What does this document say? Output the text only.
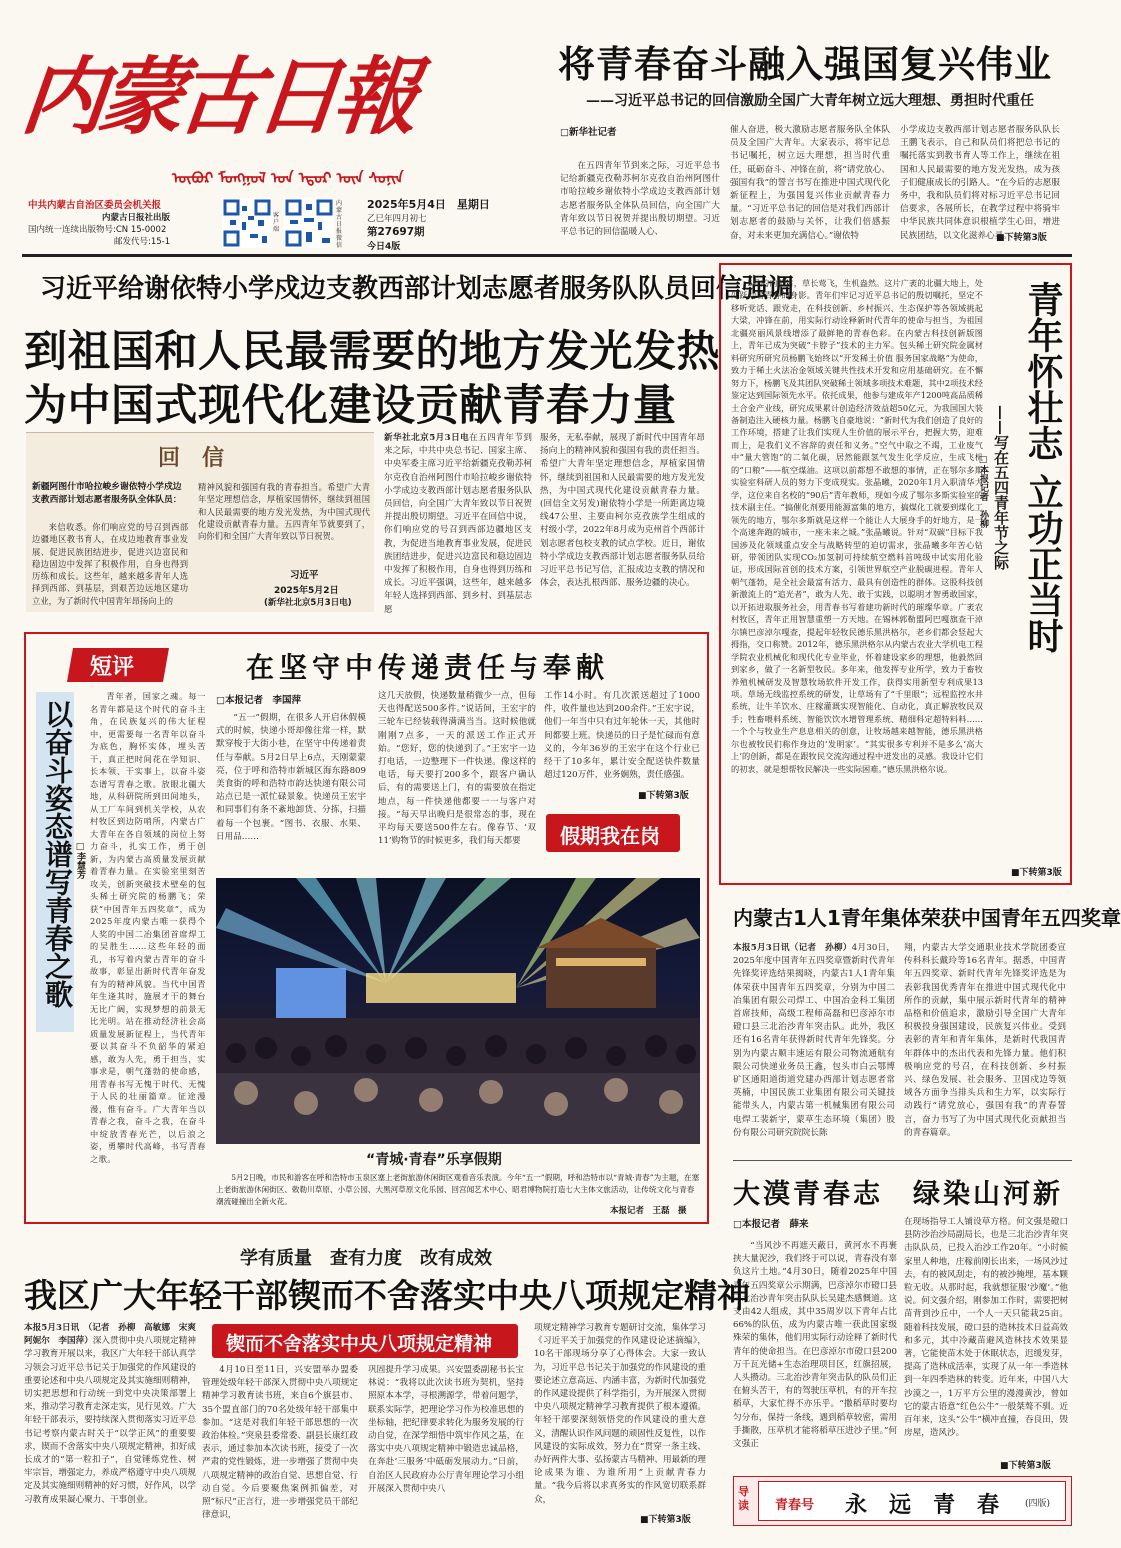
内蒙古日報
ᠦᠪᠦᠷ ᠮᠣᠩᠭᠣᠯ ᠤᠨ ᠡᠳᠦᠷ ᠦᠨ ᠰᠣᠨᠢᠨ
中共内蒙古自治区委员会机关报
内蒙古日报社出版
国内统一连续出版物号:CN 15-0002
邮发代号:15-1
客户端
内蒙古日报微信
2025年5月4日　星期日
乙巳年四月初七
第27697期
今日4版
将青春奋斗融入强国复兴伟业
——习近平总书记的回信激励全国广大青年树立远大理想、勇担时代重任
□新华社记者
在五四青年节到来之际，习近平总书记给新疆克孜勒苏柯尔克孜自治州阿图什市哈拉峻乡谢依特小学成边支教西部计划志愿者服务队全体队员回信，向全国广大青年致以节日祝贺并提出殷切期望。习近平总书记的回信温暖人心、
催人奋进，极大激励志愿者服务队全体队员及全国广大青年。大家表示，将牢记总书记嘱托，树立远大理想，担当时代重任，砥砺奋斗、冲锋在前，将“请党放心、强国有我”的誓言书写在推进中国式现代化新征程上，为强国复兴伟业贡献青春力量。“习近平总书记的回信是对我们西部计划志愿者的鼓励与关怀，让我们倍感振奋，对未来更加充满信心。”谢依特
小学成边支教西部计划志愿者服务队队长王鹏飞表示，自己和队员们将把总书记的嘱托落实到教书育人等工作上，继续在祖国和人民最需要的地方发光发热，成为孩子们健康成长的引路人。“在今后的志愿服务中，我和队员们将对标习近平总书记回信要求，各展所长，在教学过程中将骑牢中华民族共同体意识根植学生心田，增进民族团结，以文化滋养心灵。
■下转第3版
习近平给谢依特小学戍边支教西部计划志愿者服务队队员回信强调
到祖国和人民最需要的地方发光发热
为中国式现代化建设贡献青春力量
回　信
新疆阿图什市哈拉峻乡谢依特小学戍边支教西部计划志愿者服务队全体队员：
来信收悉。你们响应党的号召到西部边疆地区教书育人，在戍边地教育事业发展、促进民族团结进步，促进兴边富民和稳边固边中发挥了积极作用，自身也得到历练和成长。这些年，越来越多青年人选择到西部、到基层，到艰苦边远地区建功立业，为了新时代中国青年昂扬向上的
精神风貌和强国有我的青春担当。希望广大青年坚定理想信念，厚植家国情怀，继续到祖国和人民最需要的地方发光发热，为中国式现代化建设贡献青春力量。五四青年节就要到了，向你们和全国广大青年致以节日祝贺。
习近平
2025年5月2日
(新华社北京5月3日电)
新华社北京5月3日电在五四青年节到来之际，中共中央总书记、国家主席、中央军委主席习近平给新疆克孜勒苏柯尔克孜自治州阿图什市哈拉峻乡谢依特小学成边支教西部计划志愿者服务队队员回信，向全国广大青年致以节日祝贺并提出殷切期望。习近平在回信中说，你们响应党的号召到西部边疆地区支教，为促进当地教育事业发展，促进民族团结进步，促进兴边富民和稳边固边中发挥了积极作用，自身也得到历练和成长。习近平强调，这些年，越来越多年轻人选择到西部、到乡村、到基层志愿
服务，无私奉献，展现了新时代中国青年昂扬向上的精神风貌和强国有我的责任担当。希望广大青年坚定理想信念，厚植家国情怀，继续到祖国和人民最需要的地方发光发热，为中国式现代化建设贡献青春力量。(回信全文另发)谢依特小学是一所距离边境线47公里、主要由柯尔克孜族学生组成的村级小学，2022年8月成为克州首个西部计划志愿者包校支教的试点学校。近日，谢依特小学成边支教西部计划志愿者服务队员给习近平总书记写信，汇报成边支教的情况和体会，表达扎根西部、服务边疆的决心。
5月的内蒙古，草长莺飞，生机盎然。这片广袤的北疆大地上，处处跃动着青春的身影。青年们牢记习近平总书记的殷切嘱托，坚定不移听党话、跟党走，在科技创新、乡村振兴、生态保护等各领域挑起大梁，冲锋在前，用实际行动诠释新时代青年的使命与担当，为祖国北疆亮丽风景线增添了最鲜艳的青春色彩。在内蒙古科技创新版图上，青年已成为突破“卡脖子”技术的主力军。包头稀土研究院金属材料研究所研究员杨鹏飞始终以“开发稀土价值 服务国家战略”为使命，致力于稀土火法冶金领域关键共性技术开发和应用基础研究。在不懈努力下，杨鹏飞及其团队突破稀土领域多项技术难题，其中2项技术经鉴定达到国际领先水平。依托成果，他参与建成年产1200吨高品质稀土合金产业线，研究成果累计创造经济效益超50亿元，为我国国大装备制造注入硬核力量。杨鹏飞自豪地说：“新时代为我们创造了良好的工作环境，搭建了让我们实现人生价值的展示平台，把握大势，迎难而上，是我们义不容辞的责任和义务。”空气中取之不竭，工业废气中“量大管饱”的二氧化碳，居然能跟氢气发生化学反应，生成飞机的“口粮”——航空煤油。这项以前都想不敢想的事情，正在鄂尔多斯实验室科研人员的努力下变成现实。张晶曦，2020年1月入职清华大学，这位来自名校的“90后”青年教师，现如今成了鄂尔多斯实验室的技术副主任。“搞催化剂要用能源富集的地方，搞煤化工就要到煤化工领先的地方，鄂尔多斯就是这样一个能让人大展身手的好地方，是一个高速奔跑的城市，一座未来之城。”张晶曦说。针对“双碳”目标下我国涉及化领域重点安全与战略转型的迫切需求，张晶曦多年苦心钻研，带领团队实现CO₂加氢制可持续航空燃料首吨级中试实用化验证，形成国际首创的技术方案，引领世界航空产业脱碳进程。青年人朝气蓬勃，是全社会最富有活力、最具有创造性的群体。这股科技创新激流上的“追光者”，敢为人先、敢于实践，以聪明才智勇敢国家，以开拓进取服务社会，用青春书写着建功新时代的璀璨华章。广袤农村牧区，青年正用智慧重塑一方天地。在锡林郭勒盟阿巴嘎旗查干淖尔镇巴彦淖尔嘎查，提起年轻牧民德乐黑洪格尔，老乡们都会竖起大拇指，交口称赞。2012年，德乐黑洪格尔从内蒙古农业大学机电工程学院农业机械化和现代化专业毕业，怀着建设家乡的理想，他毅然回到家乡，做了一名新型牧民。多年来，他发挥专业所学，致力于畜牧养殖机械研发及智慧牧场软件开发工作，获得实用新型专利成果13项。草场无线监控系统的研发，让草场有了“千里眼”；远程监控水井系统，让牛羊饮水、庄稼灌溉实现智能化、自动化，真正解放牧民双手；牲畜喂料系统、智能饮饮水增管理系统、精细科定超特料料……一个个与牧业生产息息相关的创意，让牧场越来越智能，德乐黑洪格尔也被牧民们称作身边的‘发明家’。“其实很多专利并不是多么‘高大上’的创新，都是在跟牧民交流沟通过程中迸发出的灵感。我设计它们的初衷，就是想帮牧民解决一些实际困难。”德乐黑洪格尔说。
青年怀壮志 立功正当时
——写在五四青年节之际
□本报记者　孙柳
■下转第3版
短评
以奋斗姿态谱写青春之歌 □李慧芳
青年者，国家之魂。每一名青年都是这个时代的奋斗主角，在民族复兴的伟大征程中，更需要每一名青年以奋斗为底色，胸怀实体，埋头苦干，真正把时间花在学知识、长本领、干实事上，以奋斗姿态谱写青春之歌。放眼北疆大地，从科研院所到田间地头，从工厂车间到机关学校，从农村牧区到边防哨所，内蒙古广大青年在各自领域的岗位上努力奋斗，扎实工作，勇于创新，为内蒙古高质量发展贡献着青春力量。在实验室里刻苦攻关，创新突破技术壁垒的包头稀土研究院的杨鹏飞；荣获“中国青年五四奖章”，成为2025年度内蒙古唯一获得个人奖的中国二冶集团首席焊工的吴胜生……这些年轻的面孔，书写着内蒙古青年的奋斗故事，彰显出新时代青年奋发有为的精神风貌。当代中国青年生逢其时，施展才干的舞台无比广阔，实现梦想的前景无比光明。站在推动经济社会高质量发展新征程上，当代青年要以其奋斗不负韶华的紧迫感，敢为人先，勇于担当，实事求是，朝气蓬勃的使命感，用青春书写无愧于时代、无愧于人民的壮丽篇章。征途漫漫，惟有奋斗。广大青年当以青春之我，奋斗之我，在奋斗中绽放青春光芒，以后浪之姿，勇攀时代高峰，书写青春之歌。
在坚守中传递责任与奉献
□本报记者　李国萍
“五一”假期，在很多人开启休假模式的时候，快递小哥却像往常一样，默默穿梭于大街小巷，在坚守中传递着责任与奉献。5月2日早上6点，天刚蒙蒙亮，位于呼和浩特市新城区海东路809美食街的呼和浩特市韵达快递有限公司站点已是一派忙碌景象。快递员王宏宇和同事们有条不紊地卸货、分拣，扫描着每一个包裹。“图书、衣服、水果、日用品……
这几天放假，快递数量稍微少一点，但每天也得配送500多件。”说话间，王宏宇的三轮车已经装载得满满当当。这时候他就刚刚7点多，一天的派送工作正式开始。“您好，您的快递到了。”王宏宇一边打电话，一边整理下一件快递。像这样的电话，每天要打200多个，跟客户确认后，有的需要送上门，有的需要放在指定地点，每一件快递他都要一一与客户对接。“每天早出晚归是很常态的事，现在平均每天要送500件左右。像春节、‘双11’购物节的时候更多，我们每天都要
工作14小时。有几次派送超过了1000件，收件量也达到200余件。”王宏宇说，他们一年当中只有过年轮休一天，其他时间都要上班。快递员的日子是忙碌而有意义的，今年36岁的王宏宇在这个行业已经干了10多年，累计安全配送快件数量超过120万件，业务娴熟，责任感强。
■下转第3版
假期我在岗
“青城·青春”乐享假期
5月2日晚，市民和游客在呼和浩特市玉泉区塞上老街旅游休闲街区观看音乐表演。今年“五一”假期，呼和浩特市以“青城·青春”为主题，在塞上老街旅游休闲街区、敕勒川草原、小草公园、大黑河草原文化乐园、回宫闻艺术中心、昭君博物院打造七大主体文旅活动，让传统文化与青春潮流碰撞出全新火花。
本报记者　王磊　摄
内蒙古1人1青年集体荣获中国青年五四奖章
本报5月3日讯（记者　孙柳）4月30日，2025年度中国青年五四奖章暨新时代青年先锋奖评选结果揭晓，内蒙古1人1青年集体荣获中国青年五四奖章，分别为中国二冶集团有限公司焊工、中国冶金科工集团首席技师，高级工程师高磊和巴彦淖尔市磴口县三北治沙青年突击队。此外，我区还有16名青年获得新时代青年先锋奖。分别为内蒙古顺丰速运有限公司物流通航有限公司快递业务员王鑫，包头市白云鄂博矿区通阳道街道党建办西部计划志愿者常英楠，中国民族工业集团有限公司关键技能带头人，内蒙古第一机械集团有限公司电焊工裴新宇，蒙草生态环境（集团）股份有限公司研究院院长陈
翔，内蒙古大学交通职业技术学院团委宣传科科长戴玲等16名青年。据悉，中国青年五四奖章、新时代青年先锋奖评选是为表彰我国优秀青年在推进中国式现代化中所作的贡献，集中展示新时代青年的精神品格和价值追求，激励引导全国广大青年积极投身强国建设，民族复兴伟业。受到表彰的青年和青年集体，是新时代我国青年群体中的杰出代表和先锋力量。他们积极响应党的号召，在科技创新、乡村振兴、绿色发展、社会服务、卫国戍边等领域各方面争当排头兵和生力军，以实际行动践行“请党放心，强国有我”的青春誓言，奋力书写了为中国式现代化贡献担当的青春篇章。
大漠青春志　绿染山河新
□本报记者　薛来
“当风沙不再遮天蔽日，黄河水不再裹挟大量泥沙，我们终于可以说，青春没有辜负这片土地。”4月30日，随着2025年中国青年五四奖章公示期满，巴彦淖尔市磴口县三北治沙青年突击队队长吴建杰感慨道。这支由42人组成，其中35周岁以下青年占比66%的队伍，成为内蒙古唯一获此国家级殊荣的集体，他们用实际行动诠释了新时代青年的使命担当。在巴彦淖尔市磴口县200万千瓦光储+生态治理项目区，红旗招展，人头攒动。三北治沙青年突击队的队员们正在俯头苦干，有的驾驶压草机，有的开车拉稻草，大家忙得不亦乐乎。“撒稻草时要均匀分布，保持一条线，遇到稻草较密，需用手撕散，压草机才能将稻草压进沙子里。”何文强正
在现场指导工人铺设草方格。何文强是磴口县防沙治沙局副局长，也是三北治沙青年突击队队员，已投入治沙工作20年。“小时候家里人种地，庄稼前刚长出来，一场风沙过去，有的被风刮走，有的被沙掩埋，基本颗粒无收。从那时起，我就想征服‘沙魔’。”他说。何文强介绍，刚参加工作时，需要把树苗背到沙丘中，一个人一天只能栽25亩。随着科技发展，磴口县的造林技术日益高效和多元，其中冷藏苗避风造林技术效果显著，它能使苗木处于休眠状态，迟缓发芽，提高了造林成活率，实现了从一年一季造林到一年四季造林的转变。近年来，中国八大沙漠之一，1万平方公里的漫漫黄沙，曾如它的蒙古语意“红色公牛”一般桀骜不驯。近百年来，这头“公牛”横冲直撞，吞良田，毁房屋，造风沙。
■下转第3版
导读 青春号 永　远　青　春	(四版)
学有质量　查有力度　改有成效
我区广大年轻干部锲而不舍落实中央八项规定精神
锲而不舍落实中央八项规定精神
本报5月3日讯　（记者　孙柳　高敏娜　宋爽　阿妮尔　李国萍）深入贯彻中央八项规定精神学习教育开展以来，我区广大年轻干部认真学习领会习近平总书记关于加强党的作风建设的重要论述和中央八项规定及其实施细则精神，切实把思想和行动统一到党中央决策部署上来，推动学习教育走深走实，见行见效。广大年轻干部表示，要持续深入贯彻落实习近平总书记考察内蒙古时关于“以学正风”的重要要求，锲而不舍落实中央八项规定精神，扣好成长成才的“第一粒扣子”，自觉锤炼党性、树牢宗旨，增强定力，养成严格遵守中央八项规定及其实施细则精神的好习惯，好作风，以学习教育成果凝心聚力、干事创业。
4月10日至11日，兴安盟举办盟委管理处级年轻干部深入贯彻中央八项规定精神学习教育读书班，来自6个旗县市、35个盟直部门的70名处级年轻干部集中参加。“这是对我们年轻干部思想的一次政治体检。”突泉县委常委、副县长康红政表示，通过参加本次读书班，接受了一次严肃的党性锻炼，进一步增强了贯彻中央八项规定精神的政治自觉、思想自觉、行动自觉。今后要聚焦案例抓偏差，对照“标尺”正言行，进一步增强党员干部纪律意识，
巩固提升学习成果。兴安盟委副秘书长宝林说：“我将以此次读书班为契机，坚持照原本本学，寻根溯源学，带着问题学，联系实际学，把理论学习作为校准思想的坐标轴，把纪律要求转化为服务发展的行动自觉，在深学细悟中筑牢作风之基，在落实中央八项规定精神中锻造忠诚品格，在奔赴‘三服务’中砥砺发展动力。”日前，自治区人民政府办公厅青年理论学习小组开展深入贯彻中央八
项规定精神学习教育专题研讨交流，集体学习《习近平关于加强党的作风建设论述摘编》，10名干部现场分享了心得体会。大家一致认为，习近平总书记关于加强党的作风建设的重要论述立意高远、内涵丰富，为新时代加强党的作风建设提供了科学指引，为开展深入贯彻中央八项规定精神学习教育提供了根本遵循。年轻干部要深刻领悟党的作风建设的重大意义，清醒认识作风问题的顽固性反复性，以作风建设的实际成效，努力在“贯穿一条主线、办好两件大事、弘扬蒙古马精神、用最新的理论成果为谁、为谁所用”上贡献青春力量。“我今后将以求真务实的作风宽切联系群众，
■下转第3版
